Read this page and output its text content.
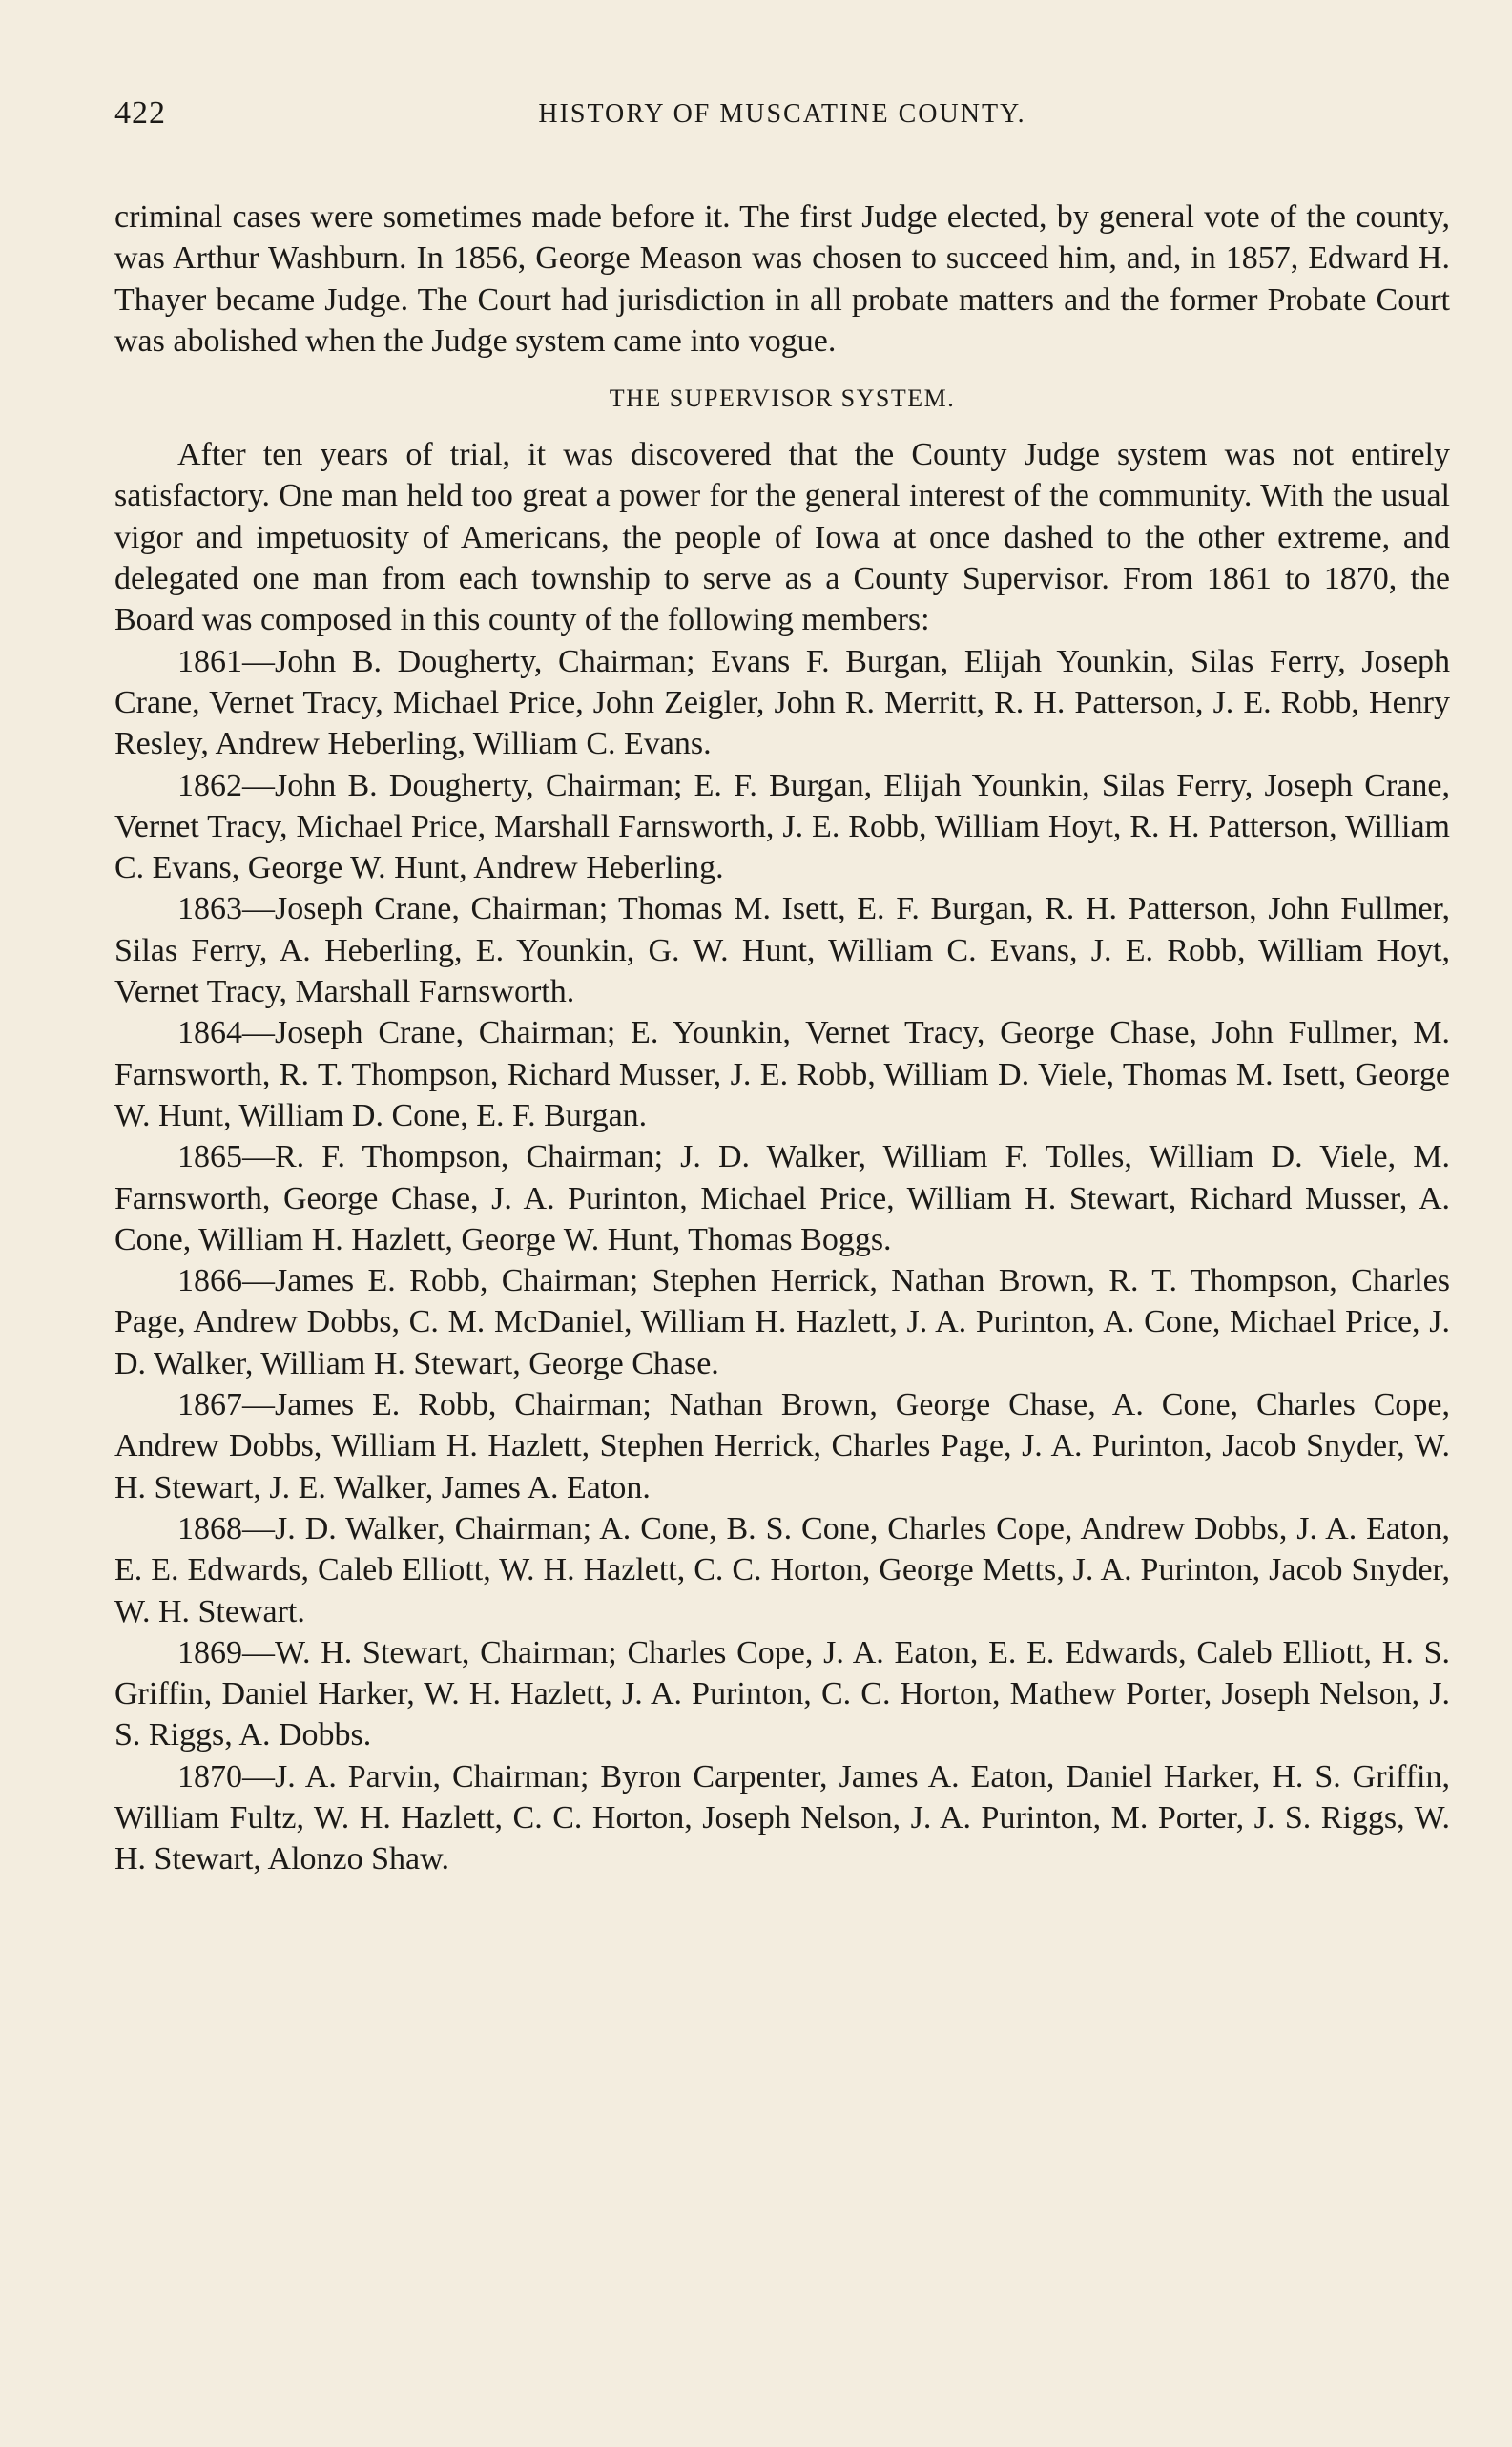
422	HISTORY OF MUSCATINE COUNTY.

criminal cases were sometimes made before it. The first Judge elected, by general vote of the county, was Arthur Washburn. In 1856, George Meason was chosen to succeed him, and, in 1857, Edward H. Thayer became Judge. The Court had jurisdiction in all probate matters and the former Probate Court was abolished when the Judge system came into vogue.

THE SUPERVISOR SYSTEM.

After ten years of trial, it was discovered that the County Judge system was not entirely satisfactory. One man held too great a power for the general interest of the community. With the usual vigor and impetuosity of Americans, the people of Iowa at once dashed to the other extreme, and delegated one man from each township to serve as a County Supervisor. From 1861 to 1870, the Board was composed in this county of the following members:

1861—John B. Dougherty, Chairman; Evans F. Burgan, Elijah Younkin, Silas Ferry, Joseph Crane, Vernet Tracy, Michael Price, John Zeigler, John R. Merritt, R. H. Patterson, J. E. Robb, Henry Resley, Andrew Heberling, William C. Evans.

1862—John B. Dougherty, Chairman; E. F. Burgan, Elijah Younkin, Silas Ferry, Joseph Crane, Vernet Tracy, Michael Price, Marshall Farnsworth, J. E. Robb, William Hoyt, R. H. Patterson, William C. Evans, George W. Hunt, Andrew Heberling.

1863—Joseph Crane, Chairman; Thomas M. Isett, E. F. Burgan, R. H. Patterson, John Fullmer, Silas Ferry, A. Heberling, E. Younkin, G. W. Hunt, William C. Evans, J. E. Robb, William Hoyt, Vernet Tracy, Marshall Farnsworth.

1864—Joseph Crane, Chairman; E. Younkin, Vernet Tracy, George Chase, John Fullmer, M. Farnsworth, R. T. Thompson, Richard Musser, J. E. Robb, William D. Viele, Thomas M. Isett, George W. Hunt, William D. Cone, E. F. Burgan.

1865—R. F. Thompson, Chairman; J. D. Walker, William F. Tolles, William D. Viele, M. Farnsworth, George Chase, J. A. Purinton, Michael Price, William H. Stewart, Richard Musser, A. Cone, William H. Hazlett, George W. Hunt, Thomas Boggs.

1866—James E. Robb, Chairman; Stephen Herrick, Nathan Brown, R. T. Thompson, Charles Page, Andrew Dobbs, C. M. McDaniel, William H. Hazlett, J. A. Purinton, A. Cone, Michael Price, J. D. Walker, William H. Stewart, George Chase.

1867—James E. Robb, Chairman; Nathan Brown, George Chase, A. Cone, Charles Cope, Andrew Dobbs, William H. Hazlett, Stephen Herrick, Charles Page, J. A. Purinton, Jacob Snyder, W. H. Stewart, J. E. Walker, James A. Eaton.

1868—J. D. Walker, Chairman; A. Cone, B. S. Cone, Charles Cope, Andrew Dobbs, J. A. Eaton, E. E. Edwards, Caleb Elliott, W. H. Hazlett, C. C. Horton, George Metts, J. A. Purinton, Jacob Snyder, W. H. Stewart.

1869—W. H. Stewart, Chairman; Charles Cope, J. A. Eaton, E. E. Edwards, Caleb Elliott, H. S. Griffin, Daniel Harker, W. H. Hazlett, J. A. Purinton, C. C. Horton, Mathew Porter, Joseph Nelson, J. S. Riggs, A. Dobbs.

1870—J. A. Parvin, Chairman; Byron Carpenter, James A. Eaton, Daniel Harker, H. S. Griffin, William Fultz, W. H. Hazlett, C. C. Horton, Joseph Nelson, J. A. Purinton, M. Porter, J. S. Riggs, W. H. Stewart, Alonzo Shaw.
